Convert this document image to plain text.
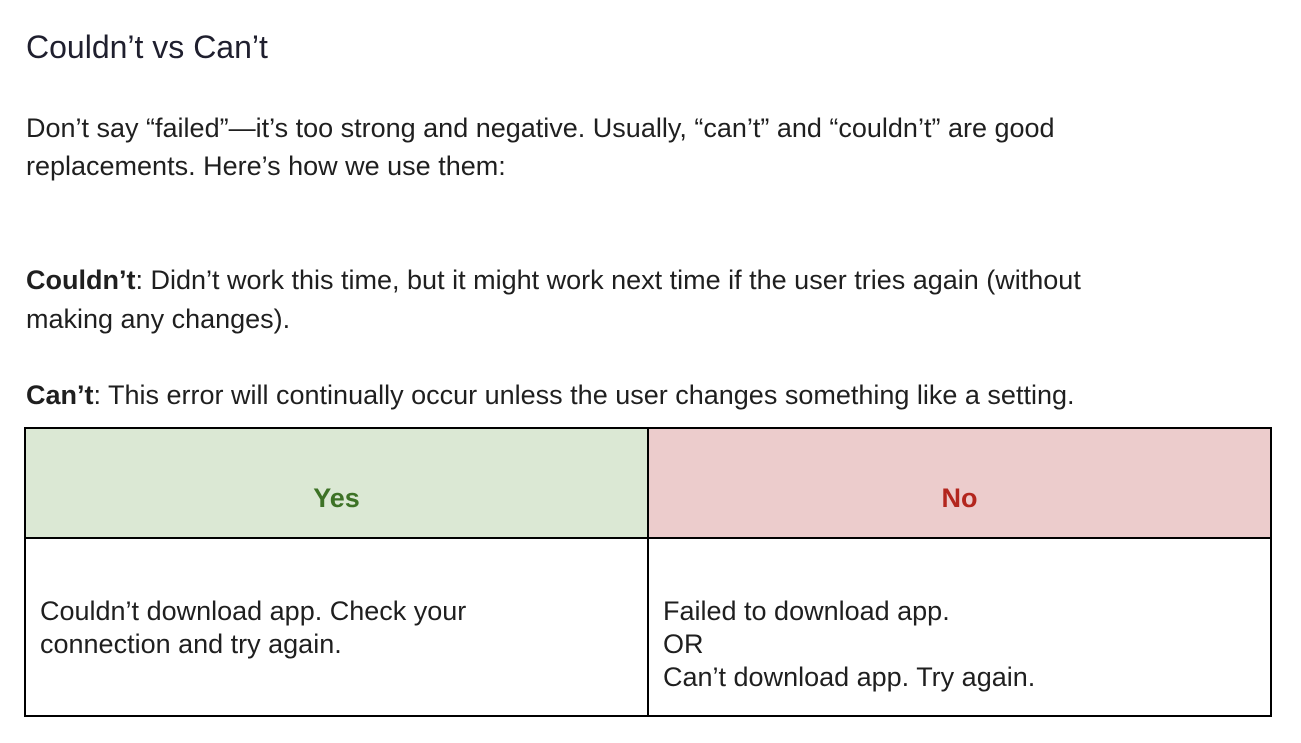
Couldn’t vs Can’t
Don’t say “failed”—it’s too strong and negative. Usually, “can’t” and “couldn’t” are good
replacements. Here’s how we use them:
Couldn’t: Didn’t work this time, but it might work next time if the user tries again (without
making any changes).
Can’t: This error will continually occur unless the user changes something like a setting.
Yes	No
Couldn’t download app. Check your
connection and try again.
Failed to download app.
OR
Can’t download app. Try again.
